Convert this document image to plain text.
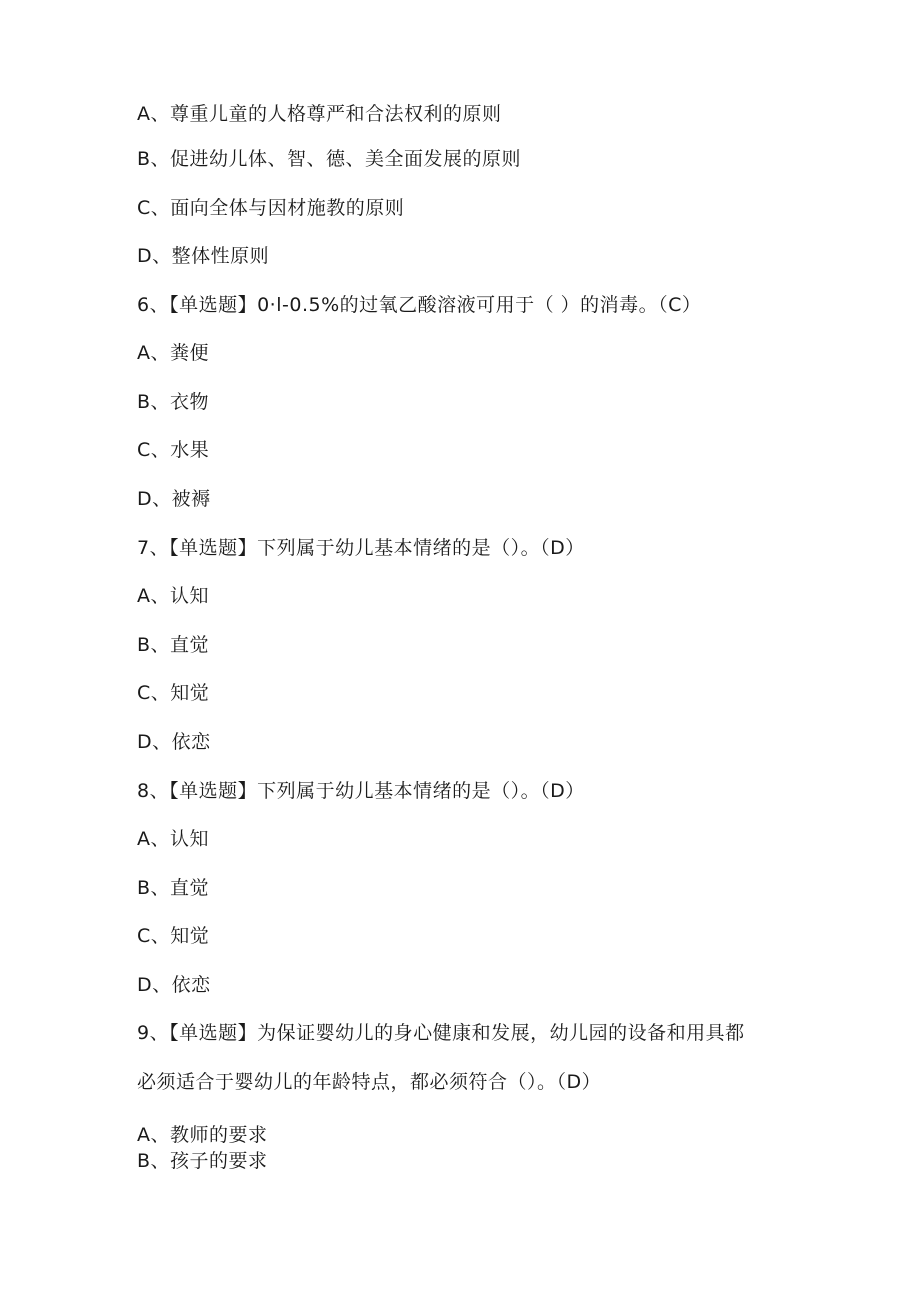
A、尊重儿童的人格尊严和合法权利的原则
B、促进幼儿体、智、德、美全面发展的原则
C、面向全体与因材施教的原则
D、整体性原则
6、【单选题】0·l-0.5%的过氧乙酸溶液可用于（ ）的消毒。（C）
A、粪便
B、衣物
C、水果
D、被褥
7、【单选题】下列属于幼儿基本情绪的是（）。（D）
A、认知
B、直觉
C、知觉
D、依恋
8、【单选题】下列属于幼儿基本情绪的是（）。（D）
A、认知
B、直觉
C、知觉
D、依恋
9、【单选题】为保证婴幼儿的身心健康和发展，幼儿园的设备和用具都
必须适合于婴幼儿的年龄特点，都必须符合（）。（D）
A、教师的要求
B、孩子的要求
